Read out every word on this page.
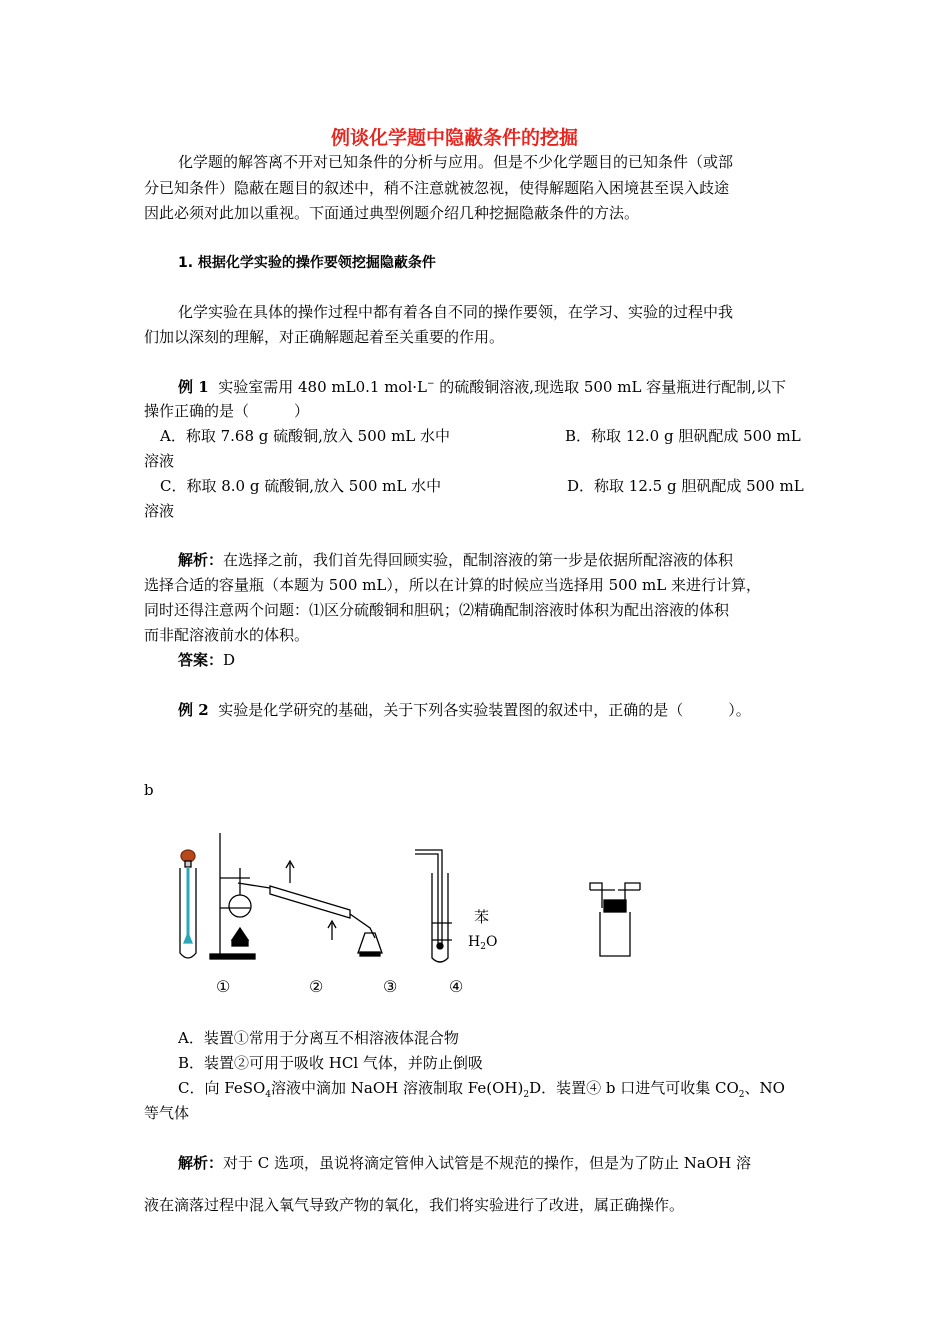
例谈化学题中隐蔽条件的挖掘
化学题的解答离不开对已知条件的分析与应用。但是不少化学题目的已知条件（或部
分已知条件）隐蔽在题目的叙述中，稍不注意就被忽视，使得解题陷入困境甚至误入歧途
因此必须对此加以重视。下面通过典型例题介绍几种挖掘隐蔽条件的方法。
1. 根据化学实验的操作要领挖掘隐蔽条件
化学实验在具体的操作过程中都有着各自不同的操作要领，在学习、实验的过程中我
们加以深刻的理解，对正确解题起着至关重要的作用。
例 1 实验室需用 480 mL0.1 mol·L− 的硫酸铜溶液,现选取 500 mL 容量瓶进行配制,以下
操作正确的是（　　　）
A．称取 7.68 g 硫酸铜,放入 500 mL 水中	B．称取 12.0 g 胆矾配成 500 mL
溶液
C．称取 8.0 g 硫酸铜,放入 500 mL 水中	D．称取 12.5 g 胆矾配成 500 mL
溶液
解析：在选择之前，我们首先得回顾实验，配制溶液的第一步是依据所配溶液的体积
选择合适的容量瓶（本题为 500 mL），所以在计算的时候应当选择用 500 mL 来进行计算，
同时还得注意两个问题：⑴区分硫酸铜和胆矾；⑵精确配制溶液时体积为配出溶液的体积
而非配溶液前水的体积。
答案：D
例 2 实验是化学研究的基础，关于下列各实验装置图的叙述中，正确的是（　　　）。
b
苯
$H_2O$
①	②	③	④
A．装置①常用于分离互不相溶液体混合物
B．装置②可用于吸收 HCl 气体，并防止倒吸
C．向 FeSO$_4$溶液中滴加 NaOH 溶液制取 $Fe(OH)_2D$．装置④ b 口进气可收集 $CO_2$、NO
等气体
解析：对于 C 选项，虽说将滴定管伸入试管是不规范的操作，但是为了防止 NaOH 溶
液在滴落过程中混入氧气导致产物的氧化，我们将实验进行了改进，属正确操作。
